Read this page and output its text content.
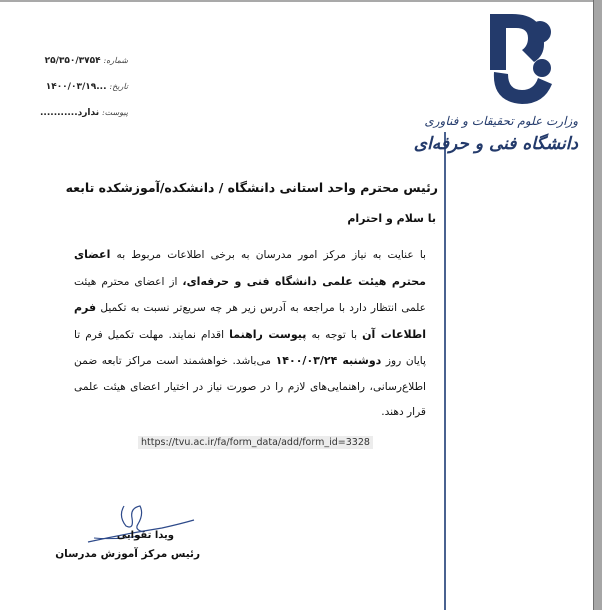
شماره: ۲۵/۳۵۰/۳۷۵۴
تاریخ: ...۱۴۰۰/۰۳/۱۹
پیوست: ندارد...........
وزارت علوم تحقیقات و فناوری
دانشگاه فنی و حرفه‌ای
رئیس محترم واحد استانی دانشگاه / دانشکده/آموزشکده تابعه
با سلام و احترام
با عنایت به نیاز مرکز امور مدرسان به برخی اطلاعات مربوط به اعضای محترم هیئت علمی دانشگاه فنی و حرفه‌ای، از اعضای محترم هیئت علمی انتظار دارد با مراجعه به آدرس زیر هر چه سریع‌تر نسبت به تکمیل فرم اطلاعات آن با توجه به پیوست راهنما اقدام نمایند. مهلت تکمیل فرم تا پایان روز دوشنبه ۱۴۰۰/۰۳/۲۴ می‌باشد. خواهشمند است مراکز تابعه ضمن اطلاع‌رسانی، راهنمایی‌های لازم را در صورت نیاز در اختیار اعضای هیئت علمی قرار دهند.
https://tvu.ac.ir/fa/form_data/add/form_id=3328
ویدا تقوایی
رئیس مرکز آموزش مدرسان
